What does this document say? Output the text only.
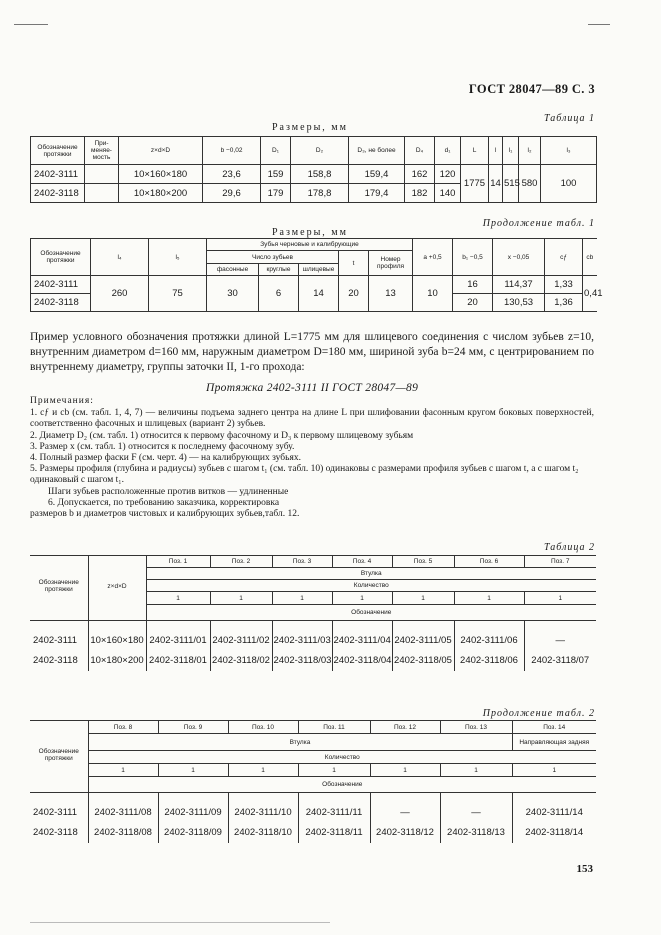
ГОСТ 28047—89 С. 3
Таблица 1
Размеры, мм
Обозначение протяжки	При-меняе-мость	z×d×D	b −0,02	D₁	D₂	D₃, не более	D₄	d₁	L	l	l₁	l₂	l₃
2402-3111		10×160×180	23,6	159	158,8	159,4	162	120	1775	14	515	580	100
2402-3118		10×180×200	29,6	179	178,8	179,4	182	140					
Продолжение табл. 1
Размеры, мм
Обозначение протяжки	l₄	l₅	Зубья черновые и калибрующие					a +0,5	b₁ −0,5	x −0,05	cƒ	cb
			Число зубьев			t	Номер профиля					
			фасонные	круглые	шлицевые							
2402-3111	260	75	30	6	14	20	13	10	16	114,37	1,33	0,41
2402-3118									20	130,53	1,36	
Пример условного обозначения протяжки длиной L=1775 мм для шлицевого соединения с числом зубьев z=10, внутренним диаметром d=160 мм, наружным диаметром D=180 мм, шириной зуба b=24 мм, с центрированием по внутреннему диаметру, группы заточки II, 1-го прохода:
Протяжка 2402-3111 II ГОСТ 28047—89
Примечания:
1. cƒ и cb (см. табл. 1, 4, 7) — величины подъема заднего центра на длине L при шлифовании фасонным кругом боковых поверхностей, соответственно фасочных и шлицевых (вариант 2) зубьев.
2. Диаметр D₂ (см. табл. 1) относится к первому фасочному и D₃ к первому шлицевому зубьям
3. Размер x (см. табл. 1) относится к последнему фасочному зубу.
4. Полный размер фаски F (см. черт. 4) — на калибрующих зубьях.
5. Размеры профиля (глубина и радиусы) зубьев с шагом t₁ (см. табл. 10) одинаковы с размерами профиля зубьев с шагом t, а с шагом t₂ одинаковый с шагом t₁.
Шаги зубьев расположенные против витков — удлиненные
6. Допускается, по требованию заказчика, корректировка
размеров b и диаметров чистовых и калибрующих зубьев,табл. 12.
Таблица 2
		Поз. 1	Поз. 2	Поз. 3	Поз. 4	Поз. 5	Поз. 6	Поз. 7
Обозначение протяжки	z×d×D	Втулка						
		Количество						
		1	1	1	1	1	1	1
		Обозначение						

2402-3111	10×160×180	2402-3111/01	2402-3111/02	2402-3111/03	2402-3111/04	2402-3111/05	2402-3111/06	—
2402-3118	10×180×200	2402-3118/01	2402-3118/02	2402-3118/03	2402-3118/04	2402-3118/05	2402-3118/06	2402-3118/07
Продолжение табл. 2
	Поз. 8	Поз. 9	Поз. 10	Поз. 11	Поз. 12	Поз. 13	Поз. 14
Обозначение протяжки	Втулка						Направляющая задняя
	Количество						
	1	1	1	1	1	1	1
	Обозначение						

2402-3111	2402-3111/08	2402-3111/09	2402-3111/10	2402-3111/11	—	—	2402-3111/14
2402-3118	2402-3118/08	2402-3118/09	2402-3118/10	2402-3118/11	2402-3118/12	2402-3118/13	2402-3118/14
153
